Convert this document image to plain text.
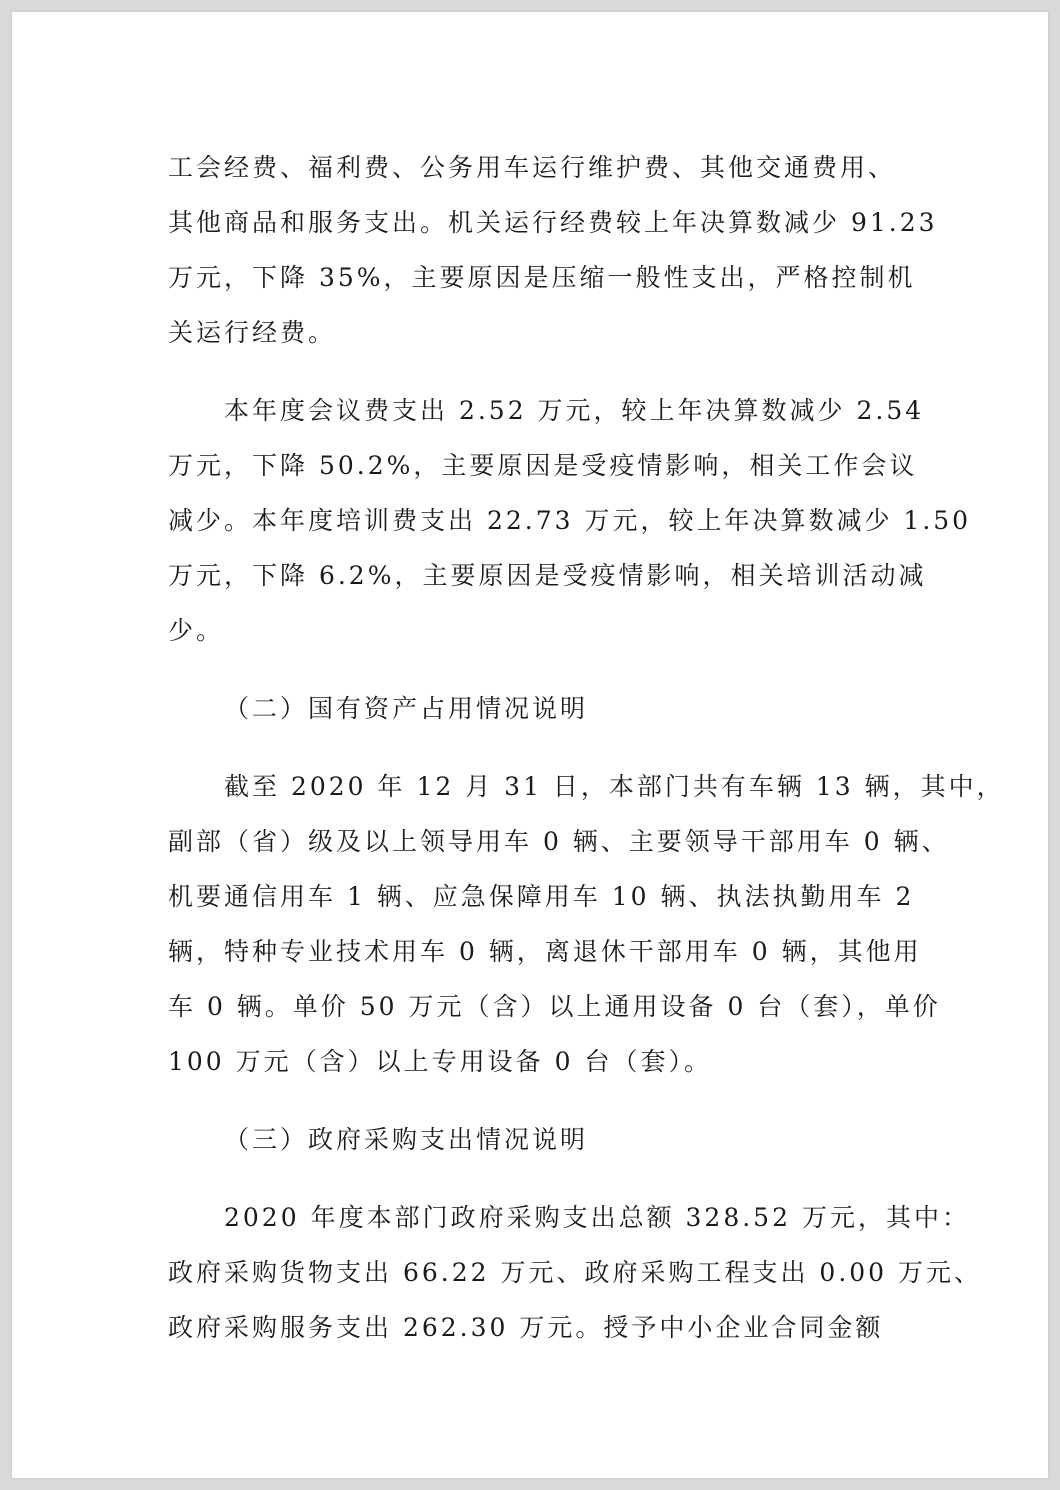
工会经费、福利费、公务用车运行维护费、其他交通费用、
其他商品和服务支出。机关运行经费较上年决算数减少 91.23
万元，下降 35%，主要原因是压缩一般性支出，严格控制机
关运行经费。
本年度会议费支出 2.52 万元，较上年决算数减少 2.54
万元，下降 50.2%，主要原因是受疫情影响，相关工作会议
减少。本年度培训费支出 22.73 万元，较上年决算数减少 1.50
万元，下降 6.2%，主要原因是受疫情影响，相关培训活动减
少。
（二）国有资产占用情况说明
截至 2020 年 12 月 31 日，本部门共有车辆 13 辆，其中，
副部（省）级及以上领导用车 0 辆、主要领导干部用车 0 辆、
机要通信用车 1 辆、应急保障用车 10 辆、执法执勤用车 2
辆，特种专业技术用车 0 辆，离退休干部用车 0 辆，其他用
车 0 辆。单价 50 万元（含）以上通用设备 0 台（套），单价
100 万元（含）以上专用设备 0 台（套）。
（三）政府采购支出情况说明
2020 年度本部门政府采购支出总额 328.52 万元，其中：
政府采购货物支出 66.22 万元、政府采购工程支出 0.00 万元、
政府采购服务支出 262.30 万元。授予中小企业合同金额
